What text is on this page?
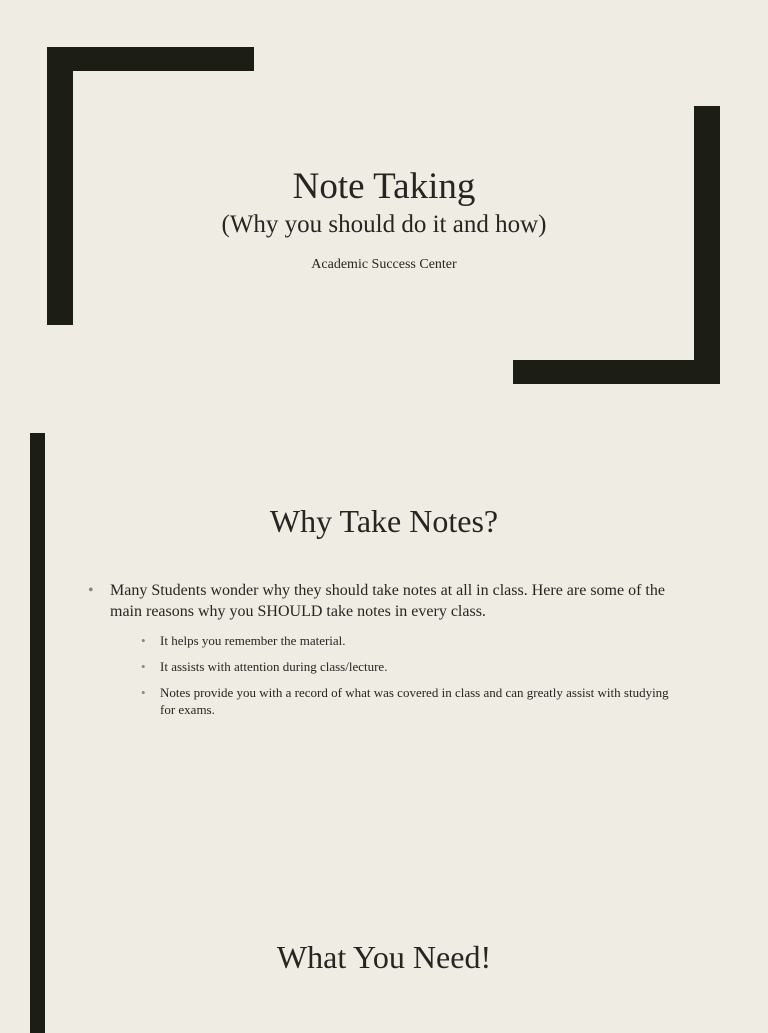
Note Taking
(Why you should do it and how)
Academic Success Center
Why Take Notes?
• Many Students wonder why they should take notes at all in class. Here are some of the main reasons why you SHOULD take notes in every class.
• It helps you remember the material.
• It assists with attention during class/lecture.
• Notes provide you with a record of what was covered in class and can greatly assist with studying for exams.
What You Need!
